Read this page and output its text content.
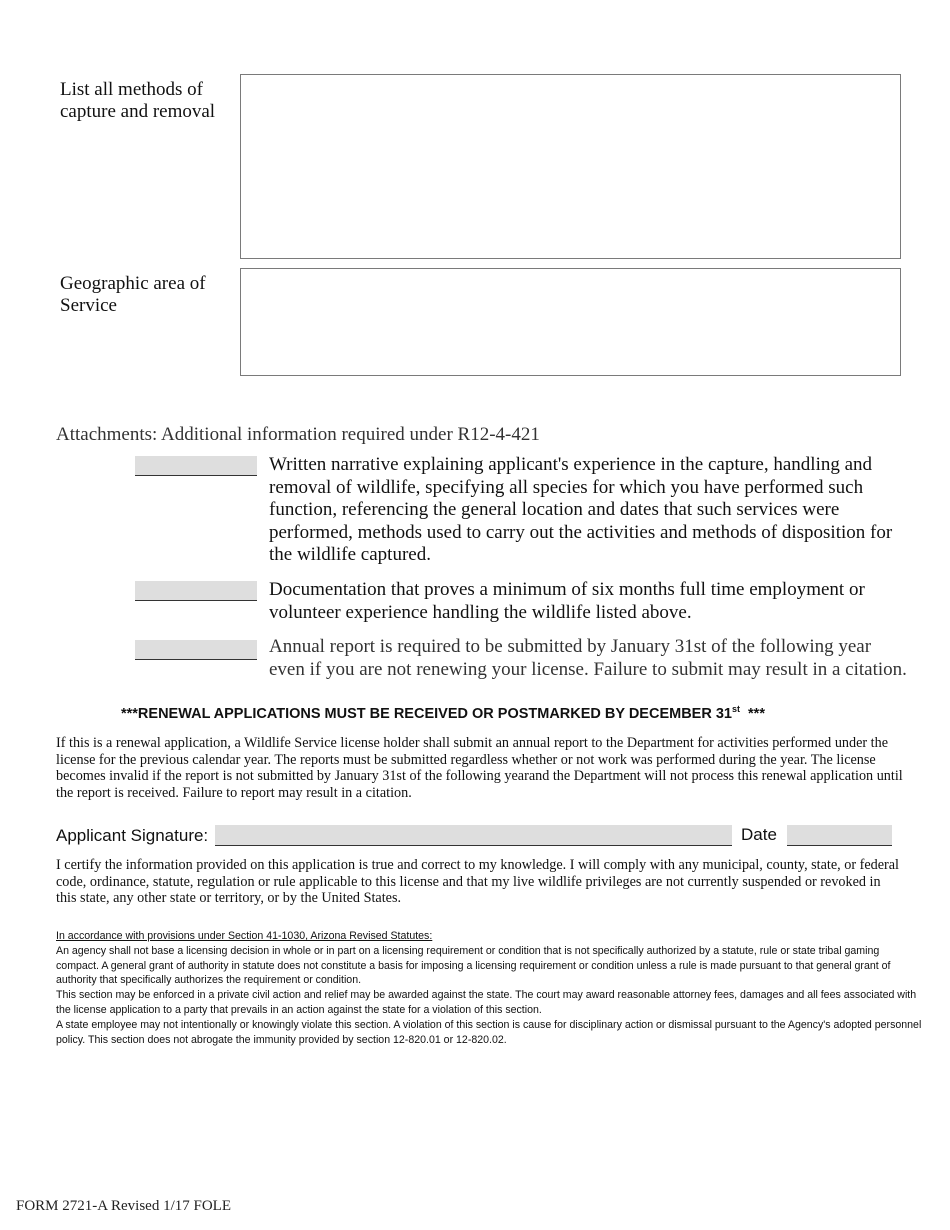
List all methods of capture and removal
Geographic area of Service
Attachments: Additional information required under R12-4-421
Written narrative explaining applicant's experience in the capture, handling and removal of wildlife, specifying all species for which you have performed such function, referencing the general location and dates that such services were performed, methods used to carry out the activities and methods of disposition for the wildlife captured.
Documentation that proves a minimum of six months full time employment or volunteer experience handling the wildlife listed above.
Annual report is required to be submitted by January 31st of the following year even if you are not renewing your license. Failure to submit may result in a citation.
***RENEWAL APPLICATIONS MUST BE RECEIVED OR POSTMARKED BY DECEMBER 31st  ***
If this is a renewal application, a Wildlife Service license holder shall submit an annual report to the Department for activities performed under the license for the previous calendar year. The reports must be submitted regardless whether or not work was performed during the year. The license becomes invalid if the report is not submitted by January 31st of the following yearand the Department will not process this renewal application until the report is received. Failure to report may result in a citation.
Applicant Signature:	Date
I certify the information provided on this application is true and correct to my knowledge. I will comply with any municipal, county, state, or federal code, ordinance, statute, regulation or rule applicable to this license and that my live wildlife privileges are not currently suspended or revoked in this state, any other state or territory, or by the United States.
In accordance with provisions under Section 41-1030, Arizona Revised Statutes:
An agency shall not base a licensing decision in whole or in part on a licensing requirement or condition that is not specifically authorized by a statute, rule or state tribal gaming compact. A general grant of authority in statute does not constitute a basis for imposing a licensing requirement or condition unless a rule is made pursuant to that general grant of authority that specifically authorizes the requirement or condition.
This section may be enforced in a private civil action and relief may be awarded against the state. The court may award reasonable attorney fees, damages and all fees associated with the license application to a party that prevails in an action against the state for a violation of this section.
A state employee may not intentionally or knowingly violate this section. A violation of this section is cause for disciplinary action or dismissal pursuant to the Agency's adopted personnel policy. This section does not abrogate the immunity provided by section 12-820.01 or 12-820.02.
FORM 2721-A Revised 1/17 FOLE
